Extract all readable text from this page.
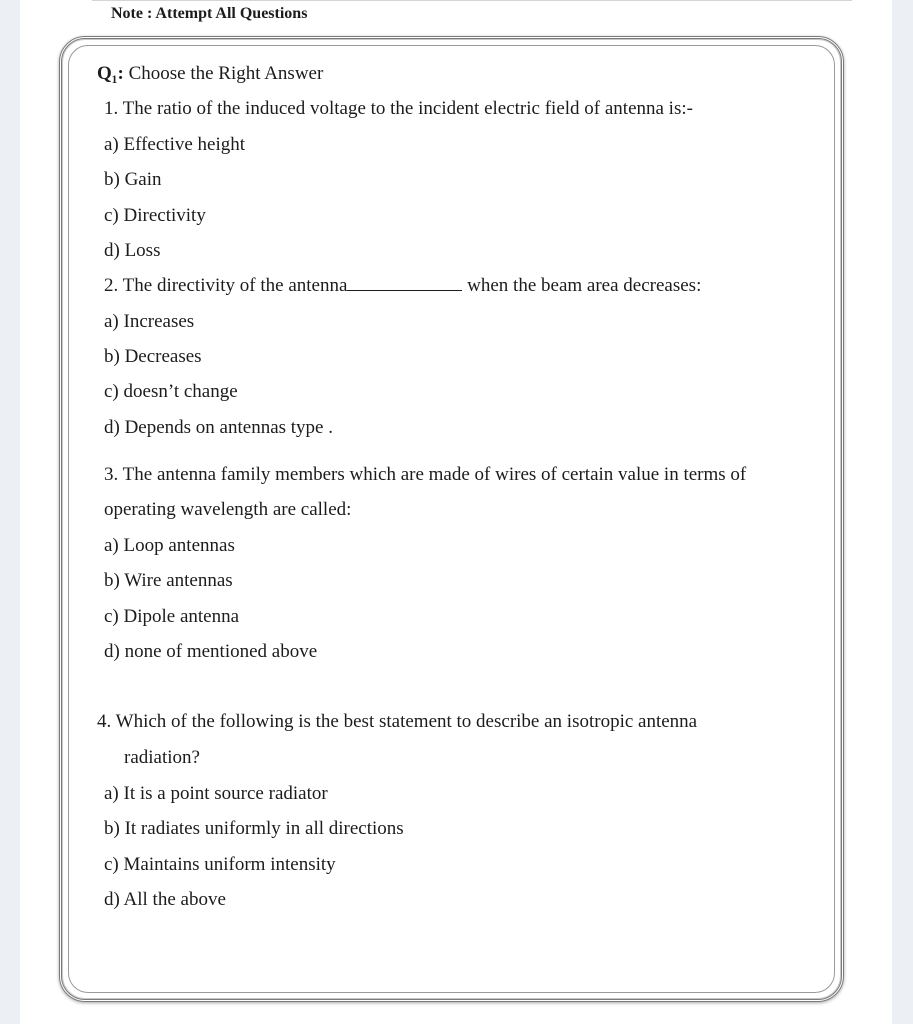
Note : Attempt All Questions
Q₁: Choose the Right Answer
1. The ratio of the induced voltage to the incident electric field of antenna is:-
a) Effective height
b) Gain
c) Directivity
d) Loss
2. The directivity of the antenna	when the beam area decreases:
a) Increases
b) Decreases
c) doesn’t change
d) Depends on antennas type .
3. The antenna family members which are made of wires of certain value in terms of
operating wavelength are called:
a) Loop antennas
b) Wire antennas
c) Dipole antenna
d) none of mentioned above
4. Which of the following is the best statement to describe an isotropic antenna
radiation?
a) It is a point source radiator
b) It radiates uniformly in all directions
c) Maintains uniform intensity
d) All the above
